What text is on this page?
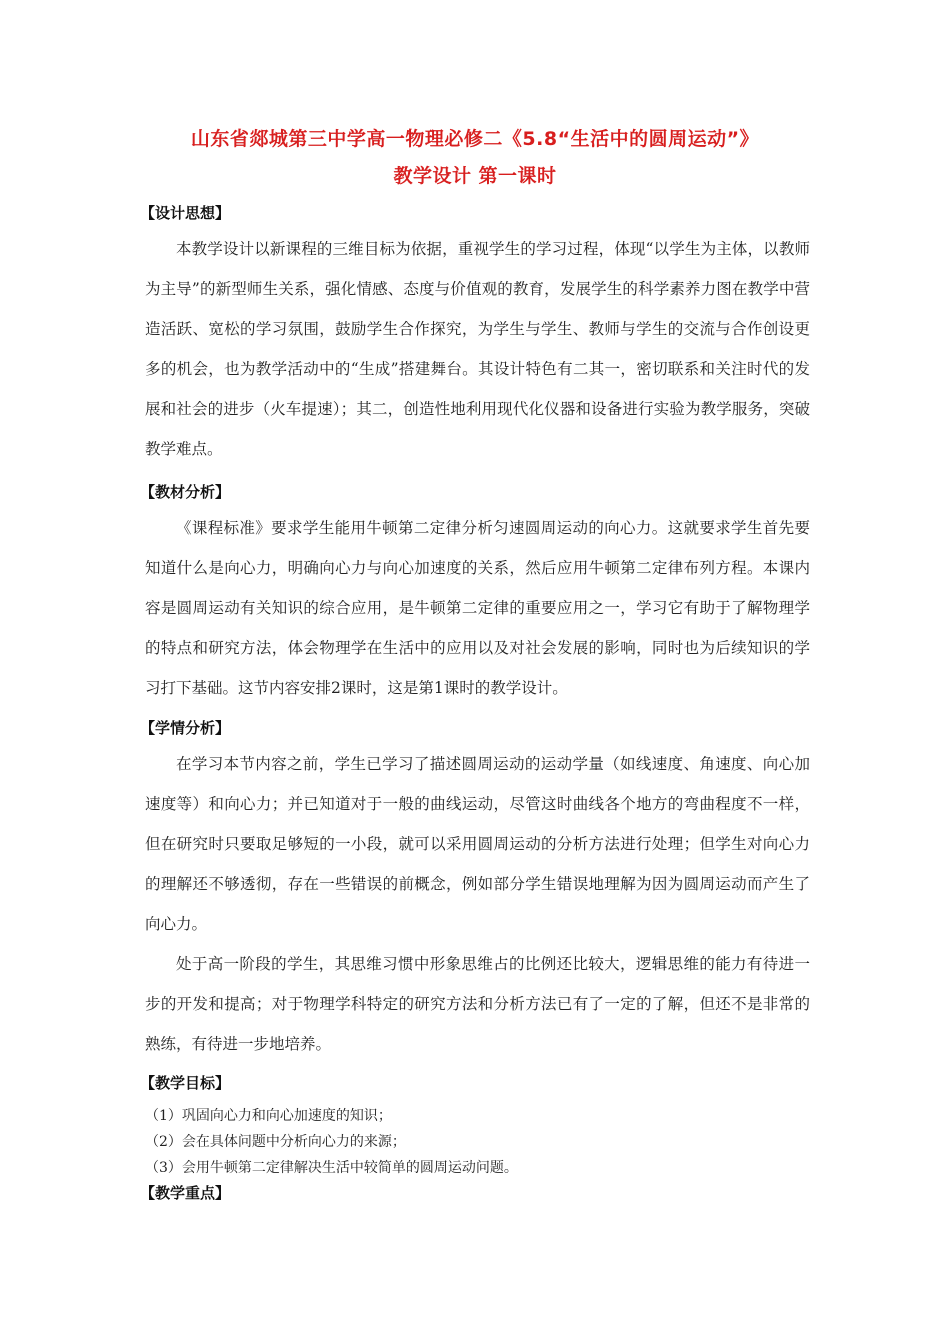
山东省郯城第三中学高一物理必修二《5.8“生活中的圆周运动”》
教学设计 第一课时
【设计思想】
本教学设计以新课程的三维目标为依据，重视学生的学习过程，体现“以学生为主体，以教师为主导”的新型师生关系，强化情感、态度与价值观的教育，发展学生的科学素养力图在教学中营造活跃、宽松的学习氛围，鼓励学生合作探究，为学生与学生、教师与学生的交流与合作创设更多的机会，也为教学活动中的“生成”搭建舞台。其设计特色有二其一，密切联系和关注时代的发展和社会的进步（火车提速）；其二，创造性地利用现代化仪器和设备进行实验为教学服务，突破教学难点。
【教材分析】
《课程标准》要求学生能用牛顿第二定律分析匀速圆周运动的向心力。这就要求学生首先要知道什么是向心力，明确向心力与向心加速度的关系，然后应用牛顿第二定律布列方程。本课内容是圆周运动有关知识的综合应用，是牛顿第二定律的重要应用之一，学习它有助于了解物理学的特点和研究方法，体会物理学在生活中的应用以及对社会发展的影响，同时也为后续知识的学习打下基础。这节内容安排2课时，这是第1课时的教学设计。
【学情分析】
在学习本节内容之前，学生已学习了描述圆周运动的运动学量（如线速度、角速度、向心加速度等）和向心力；并已知道对于一般的曲线运动，尽管这时曲线各个地方的弯曲程度不一样，但在研究时只要取足够短的一小段，就可以采用圆周运动的分析方法进行处理；但学生对向心力的理解还不够透彻，存在一些错误的前概念，例如部分学生错误地理解为因为圆周运动而产生了向心力。
处于高一阶段的学生，其思维习惯中形象思维占的比例还比较大，逻辑思维的能力有待进一步的开发和提高；对于物理学科特定的研究方法和分析方法已有了一定的了解，但还不是非常的熟练，有待进一步地培养。
【教学目标】
（1）巩固向心力和向心加速度的知识；
（2）会在具体问题中分析向心力的来源；
（3）会用牛顿第二定律解决生活中较简单的圆周运动问题。
【教学重点】
